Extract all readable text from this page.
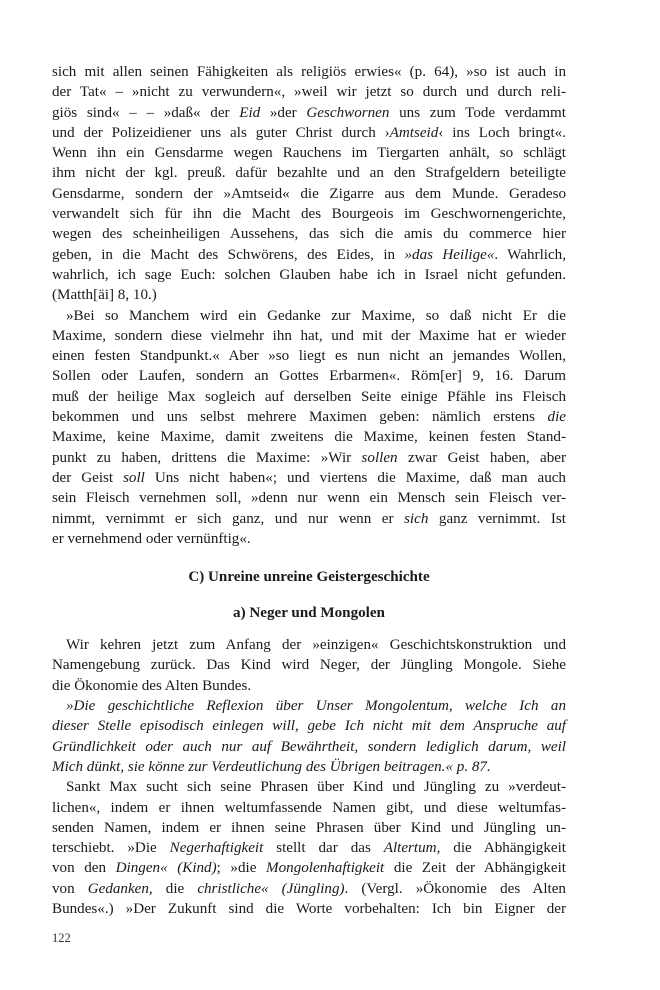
sich mit allen seinen Fähigkeiten als religiös erwies« (p. 64), »so ist auch in
der Tat« – »nicht zu verwundern«, »weil wir jetzt so durch und durch reli-
giös sind« – – »daß« der Eid »der Geschwornen uns zum Tode verdammt
und der Polizeidiener uns als guter Christ durch ›Amtseid‹ ins Loch bringt«.
Wenn ihn ein Gensdarme wegen Rauchens im Tiergarten anhält, so schlägt
ihm nicht der kgl. preuß. dafür bezahlte und an den Strafgeldern beteiligte
Gensdarme, sondern der »Amtseid« die Zigarre aus dem Munde. Geradeso
verwandelt sich für ihn die Macht des Bourgeois im Geschwornengerichte,
wegen des scheinheiligen Aussehens, das sich die amis du commerce hier
geben, in die Macht des Schwörens, des Eides, in »das Heilige«. Wahrlich,
wahrlich, ich sage Euch: solchen Glauben habe ich in Israel nicht gefunden.
(Matth[äi] 8, 10.)
»Bei so Manchem wird ein Gedanke zur Maxime, so daß nicht Er die
Maxime, sondern diese vielmehr ihn hat, und mit der Maxime hat er wieder
einen festen Standpunkt.« Aber »so liegt es nun nicht an jemandes Wollen,
Sollen oder Laufen, sondern an Gottes Erbarmen«. Röm[er] 9, 16. Darum
muß der heilige Max sogleich auf derselben Seite einige Pfähle ins Fleisch
bekommen und uns selbst mehrere Maximen geben: nämlich erstens die
Maxime, keine Maxime, damit zweitens die Maxime, keinen festen Stand-
punkt zu haben, drittens die Maxime: »Wir sollen zwar Geist haben, aber
der Geist soll Uns nicht haben«; und viertens die Maxime, daß man auch
sein Fleisch vernehmen soll, »denn nur wenn ein Mensch sein Fleisch ver-
nimmt, vernimmt er sich ganz, und nur wenn er sich ganz vernimmt. Ist
er vernehmend oder vernünftig«.
C) Unreine unreine Geistergeschichte
a) Neger und Mongolen
Wir kehren jetzt zum Anfang der »einzigen« Geschichtskonstruktion und
Namengebung zurück. Das Kind wird Neger, der Jüngling Mongole. Siehe
die Ökonomie des Alten Bundes.
»Die geschichtliche Reflexion über Unser Mongolentum, welche Ich an
dieser Stelle episodisch einlegen will, gebe Ich nicht mit dem Anspruche auf
Gründlichkeit oder auch nur auf Bewährtheit, sondern lediglich darum, weil
Mich dünkt, sie könne zur Verdeutlichung des Übrigen beitragen.« p. 87.
Sankt Max sucht sich seine Phrasen über Kind und Jüngling zu »verdeut-
lichen«, indem er ihnen weltumfassende Namen gibt, und diese weltumfas-
senden Namen, indem er ihnen seine Phrasen über Kind und Jüngling un-
terschiebt. »Die Negerhaftigkeit stellt dar das Altertum, die Abhängigkeit
von den Dingen« (Kind); »die Mongolenhaftigkeit die Zeit der Abhängigkeit
von Gedanken, die christliche« (Jüngling). (Vergl. »Ökonomie des Alten
Bundes«.) »Der Zukunft sind die Worte vorbehalten: Ich bin Eigner der
122
